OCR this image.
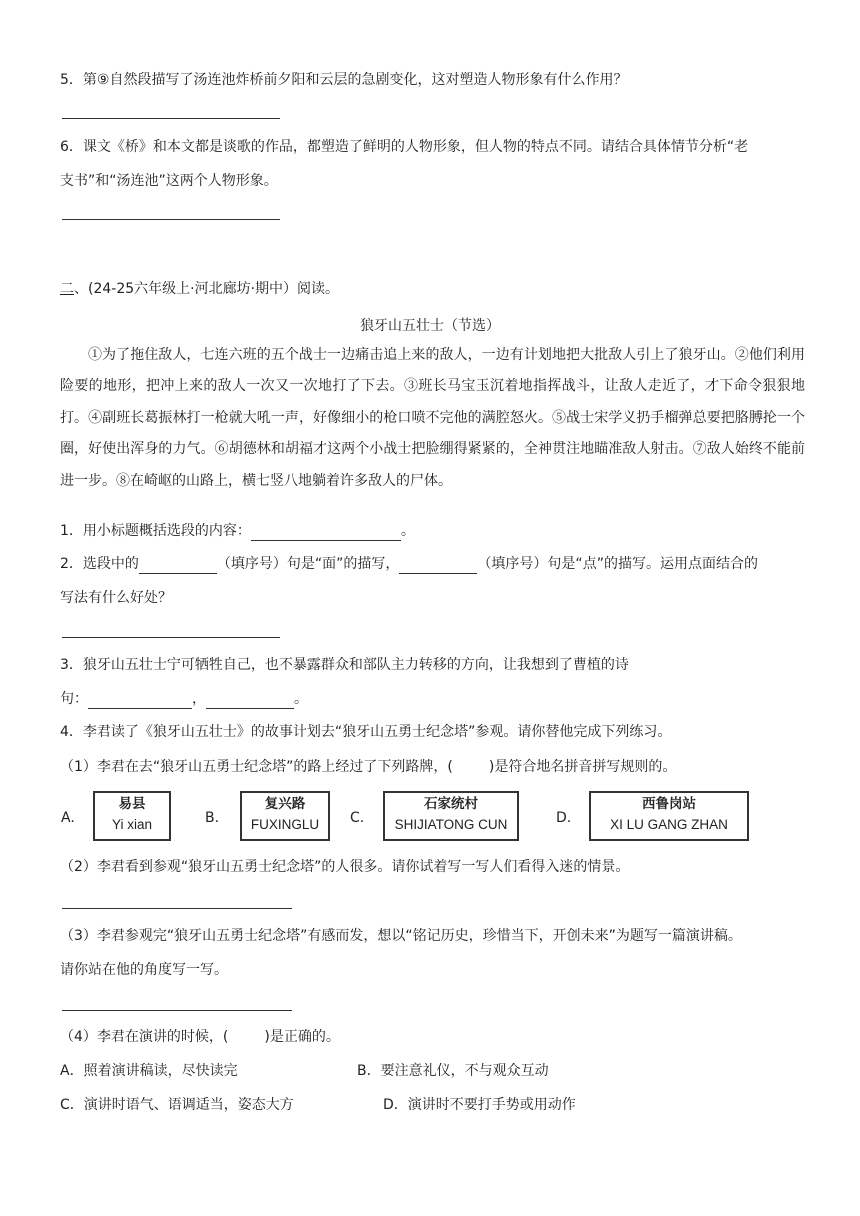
5．第⑨自然段描写了汤连池炸桥前夕阳和云层的急剧变化，这对塑造人物形象有什么作用？
6．课文《桥》和本文都是谈歌的作品，都塑造了鲜明的人物形象，但人物的特点不同。请结合具体情节分析“老
支书”和“汤连池”这两个人物形象。
二、(24-25六年级上·河北廊坊·期中）阅读。
狼牙山五壮士（节选）
①为了拖住敌人，七连六班的五个战士一边痛击追上来的敌人，一边有计划地把大批敌人引上了狼牙山。②他们利用险要的地形，把冲上来的敌人一次又一次地打了下去。③班长马宝玉沉着地指挥战斗，让敌人走近了，才下命令狠狠地打。④副班长葛振林打一枪就大吼一声，好像细小的枪口喷不完他的满腔怒火。⑤战士宋学义扔手榴弹总要把胳膊抡一个圈，好使出浑身的力气。⑥胡德林和胡福才这两个小战士把脸绷得紧紧的，全神贯注地瞄准敌人射击。⑦敌人始终不能前进一步。⑧在崎岖的山路上，横七竖八地躺着许多敌人的尸体。
1．用小标题概括选段的内容：	。
2．选段中的	（填序号）句是“面”的描写，	（填序号）句是“点”的描写。运用点面结合的
写法有什么好处？
3．狼牙山五壮士宁可牺牲自己，也不暴露群众和部队主力转移的方向，让我想到了曹植的诗
句：	，	。
4．李君读了《狼牙山五壮士》的故事计划去“狼牙山五勇士纪念塔”参观。请你替他完成下列练习。
（1）李君在去“狼牙山五勇士纪念塔”的路上经过了下列路牌，(	)是符合地名拼音拼写规则的。
A.
易县
Yi xian	B.
复兴路
FUXINGLU	C.
石家统村
SHIJIATONG CUN	D.
西鲁岗站
XI LU GANG ZHAN
（2）李君看到参观“狼牙山五勇士纪念塔”的人很多。请你试着写一写人们看得入迷的情景。
（3）李君参观完“狼牙山五勇士纪念塔”有感而发，想以“铭记历史，珍惜当下，开创未来”为题写一篇演讲稿。
请你站在他的角度写一写。
（4）李君在演讲的时候，(	)是正确的。
A．照着演讲稿读，尽快读完	B．要注意礼仪，不与观众互动
C．演讲时语气、语调适当，姿态大方	D．演讲时不要打手势或用动作
